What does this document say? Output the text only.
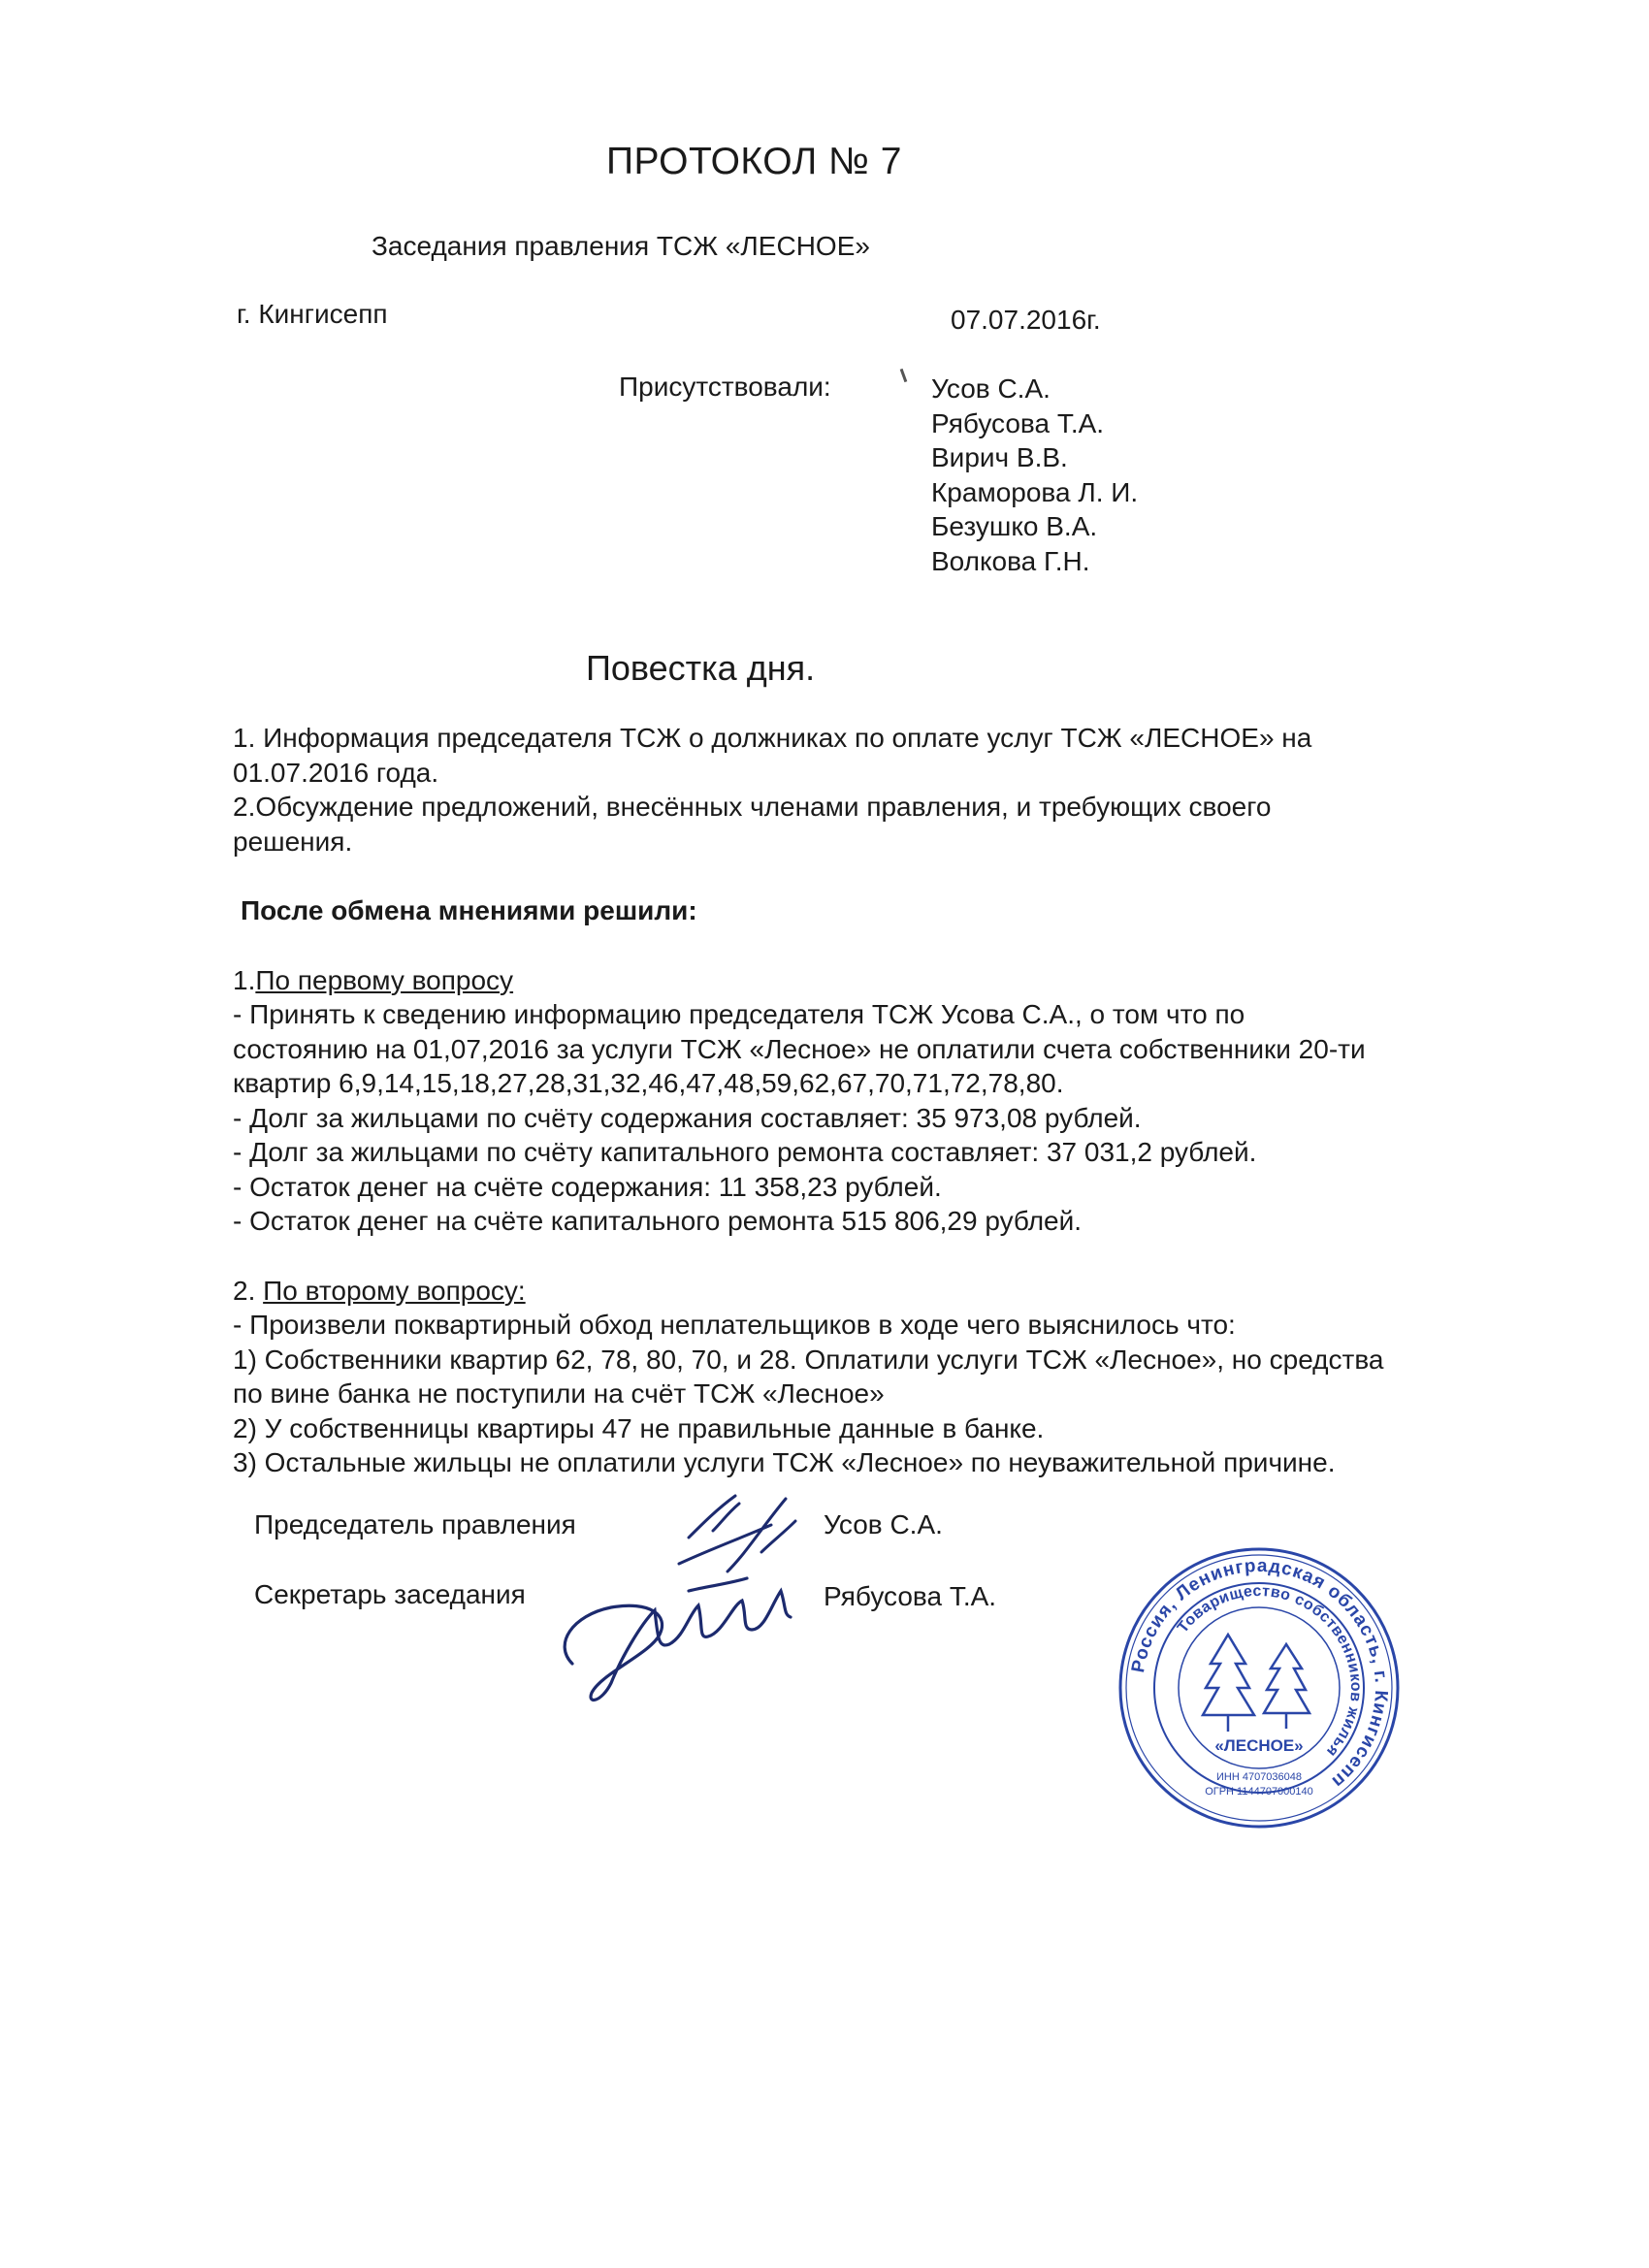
ПРОТОКОЛ № 7
Заседания правления ТСЖ «ЛЕСНОЕ»
г. Кингисепп	07.07.2016г.
Присутствовали:	Усов С.А.
Рябусова Т.А.
Вирич В.В.
Краморова Л. И.
Безушко В.А.
Волкова Г.Н.
Повестка дня.

1. Информация председателя ТСЖ о должниках по оплате услуг ТСЖ «ЛЕСНОЕ» на

01.07.2016 года.

2.Обсуждение предложений, внесённых членами правления, и требующих своего

решения.

После обмена мнениями решили:

1.По первому вопросу

- Принять к сведению информацию председателя ТСЖ Усова С.А., о том что по

состоянию на 01,07,2016 за услуги ТСЖ «Лесное» не оплатили счета собственники 20-ти

квартир 6,9,14,15,18,27,28,31,32,46,47,48,59,62,67,70,71,72,78,80.

- Долг за жильцами по счёту содержания составляет: 35 973,08 рублей.

- Долг за жильцами по счёту капитального ремонта составляет: 37 031,2 рублей.

- Остаток денег на счёте содержания: 11 358,23 рублей.

- Остаток денег на счёте капитального ремонта 515 806,29 рублей.

2. По второму вопросу:

- Произвели поквартирный обход неплательщиков в ходе чего выяснилось что:

1) Собственники квартир 62, 78, 80, 70, и 28. Оплатили услуги ТСЖ «Лесное», но средства

по вине банка не поступили на счёт ТСЖ «Лесное»

2) У собственницы квартиры 47 не правильные данные в банке.

3) Остальные жильцы не оплатили услуги ТСЖ «Лесное» по неуважительной причине.

Председатель правления	Усов С.А.
Секретарь заседания	Рябусова Т.А.
Россия, Ленинградская область, г. Кингисепп
Товарищество собственников жилья
«ЛЕСНОЕ»
ИНН 4707036048
ОГРН 1144707000140
